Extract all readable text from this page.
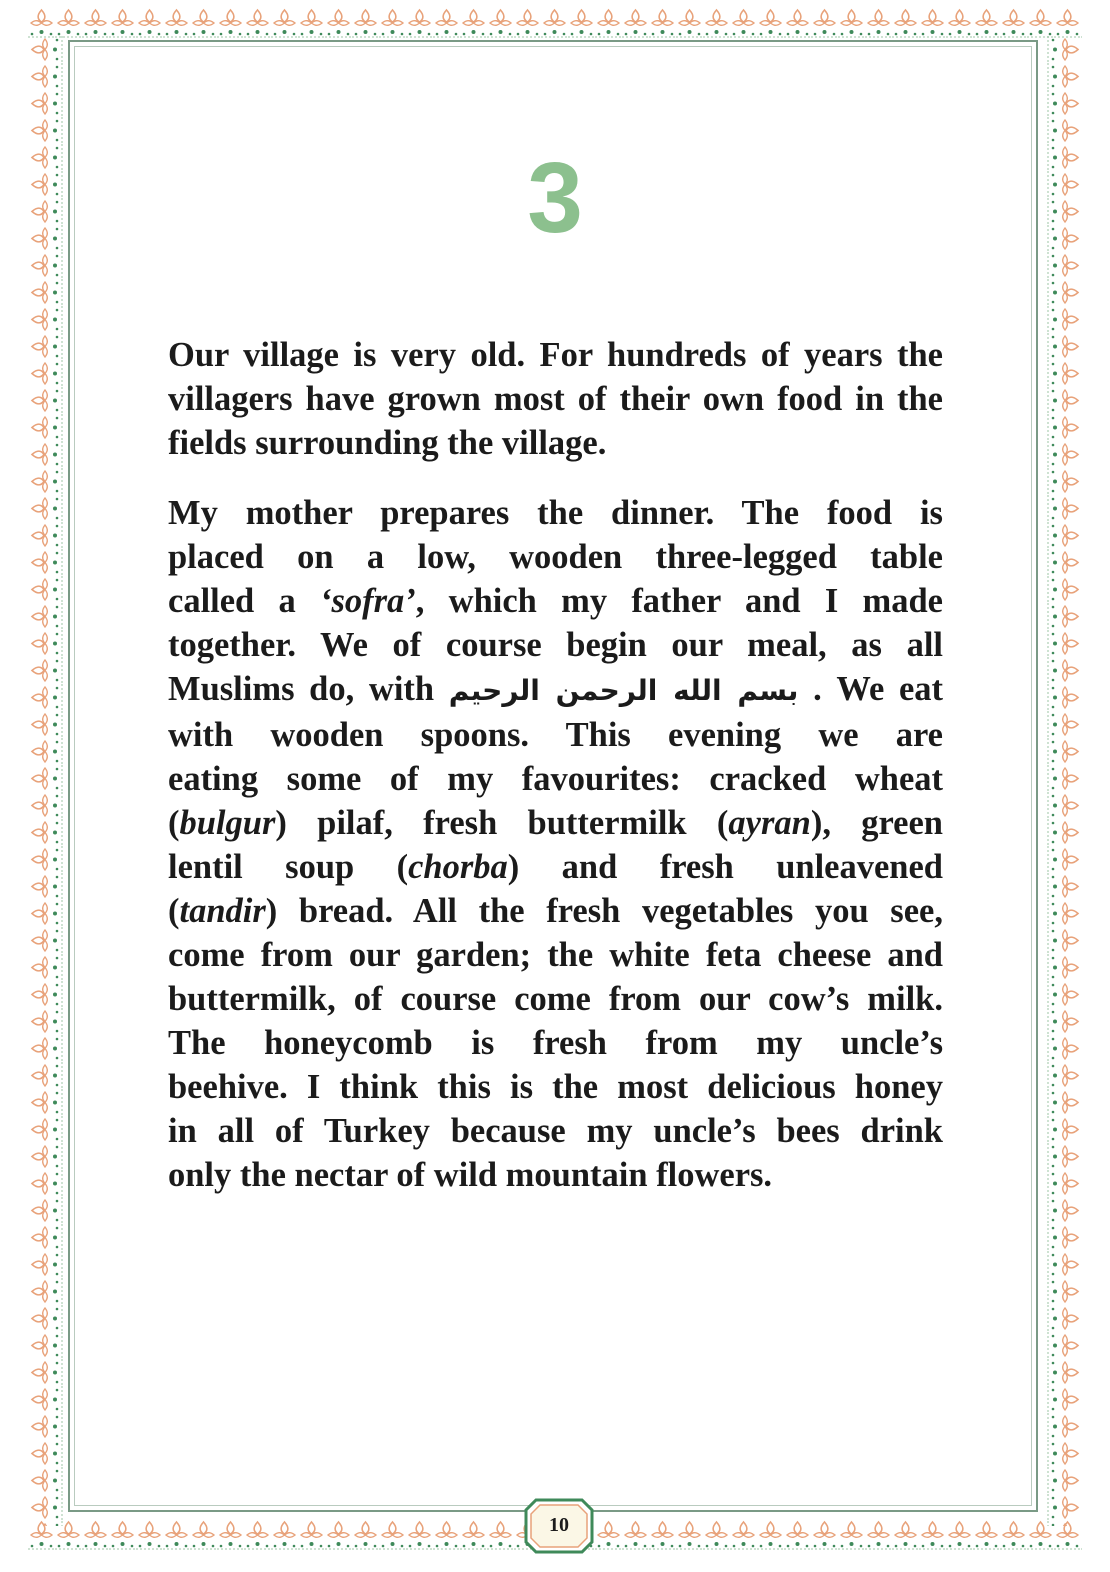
3
Our village is very old. For hundreds of years the
villagers have grown most of their own food in the
fields surrounding the village.
My mother prepares the dinner. The food is
placed on a low, wooden three-legged table
called a ‘sofra’, which my father and I made
together. We of course begin our meal, as all
Muslims do, with بسم الله الرحمن الرحيم . We eat
with wooden spoons. This evening we are
eating some of my favourites: cracked wheat
(bulgur) pilaf, fresh buttermilk (ayran), green
lentil soup (chorba) and fresh unleavened
(tandir) bread. All the fresh vegetables you see,
come from our garden; the white feta cheese and
buttermilk, of course come from our cow’s milk.
The honeycomb is fresh from my uncle’s
beehive. I think this is the most delicious honey
in all of Turkey because my uncle’s bees drink
only the nectar of wild mountain flowers.
10
